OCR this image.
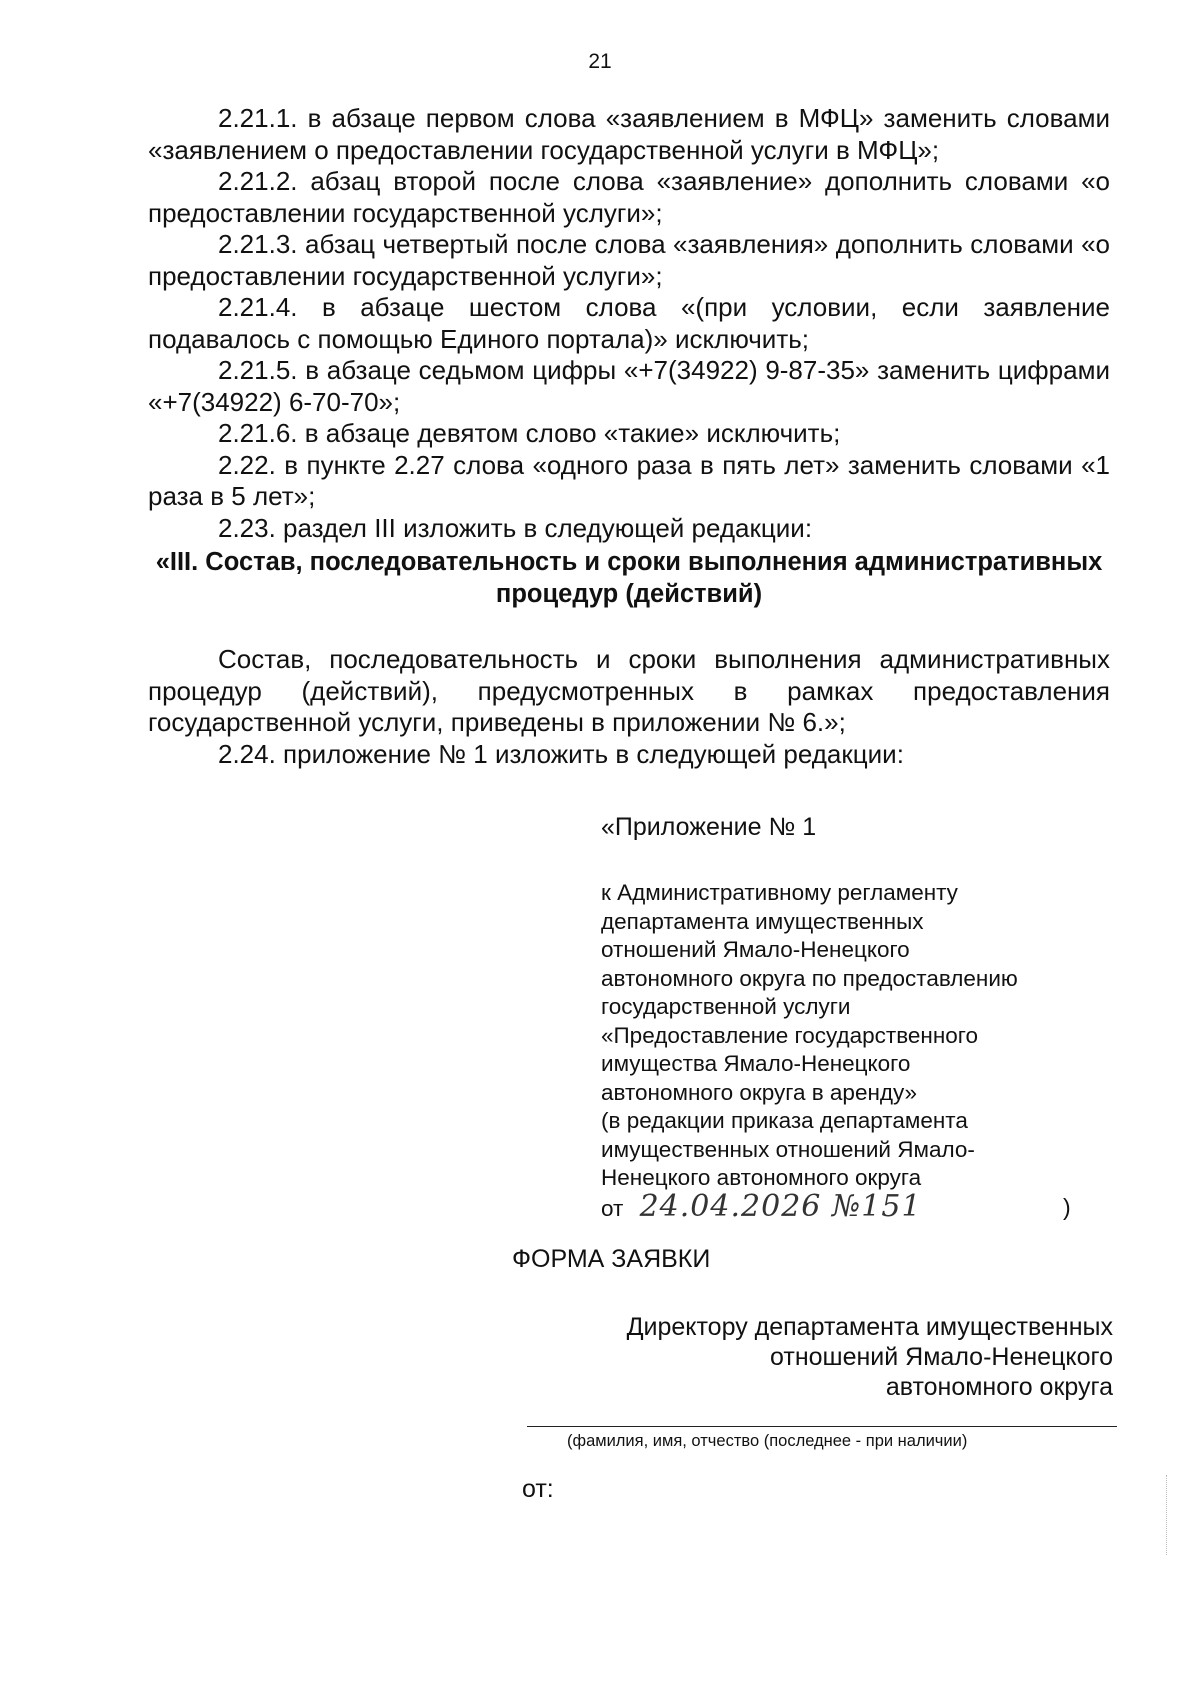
21

2.21.1. в абзаце первом слова «заявлением в МФЦ» заменить словами «заявлением о предоставлении государственной услуги в МФЦ»;

2.21.2. абзац второй после слова «заявление» дополнить словами «о предоставлении государственной услуги»;

2.21.3. абзац четвертый после слова «заявления» дополнить словами «о предоставлении государственной услуги»;

2.21.4. в абзаце шестом слова «(при условии, если заявление подавалось с помощью Единого портала)» исключить;

2.21.5. в абзаце седьмом цифры «+7(34922) 9-87-35» заменить цифрами «+7(34922) 6-70-70»;

2.21.6. в абзаце девятом слово «такие» исключить;

2.22. в пункте 2.27 слова «одного раза в пять лет» заменить словами «1 раза в 5 лет»;

2.23. раздел III изложить в следующей редакции:

«III. Состав, последовательность и сроки выполнения административных процедур (действий)

Состав, последовательность и сроки выполнения административных процедур (действий), предусмотренных в рамках предоставления государственной услуги, приведены в приложении № 6.»;

2.24. приложение № 1 изложить в следующей редакции:

«Приложение № 1
к Административному регламенту
департамента имущественных
отношений Ямало-Ненецкого
автономного округа по предоставлению
государственной услуги
«Предоставление государственного
имущества Ямало-Ненецкого
автономного округа в аренду»
(в редакции приказа департамента
имущественных отношений Ямало-
Ненецкого автономного округа
от 24.04.2026 №151	)
ФОРМА ЗАЯВКИ
Директору департамента имущественных
отношений Ямало-Ненецкого
автономного округа
(фамилия, имя, отчество (последнее - при наличии)
от:
